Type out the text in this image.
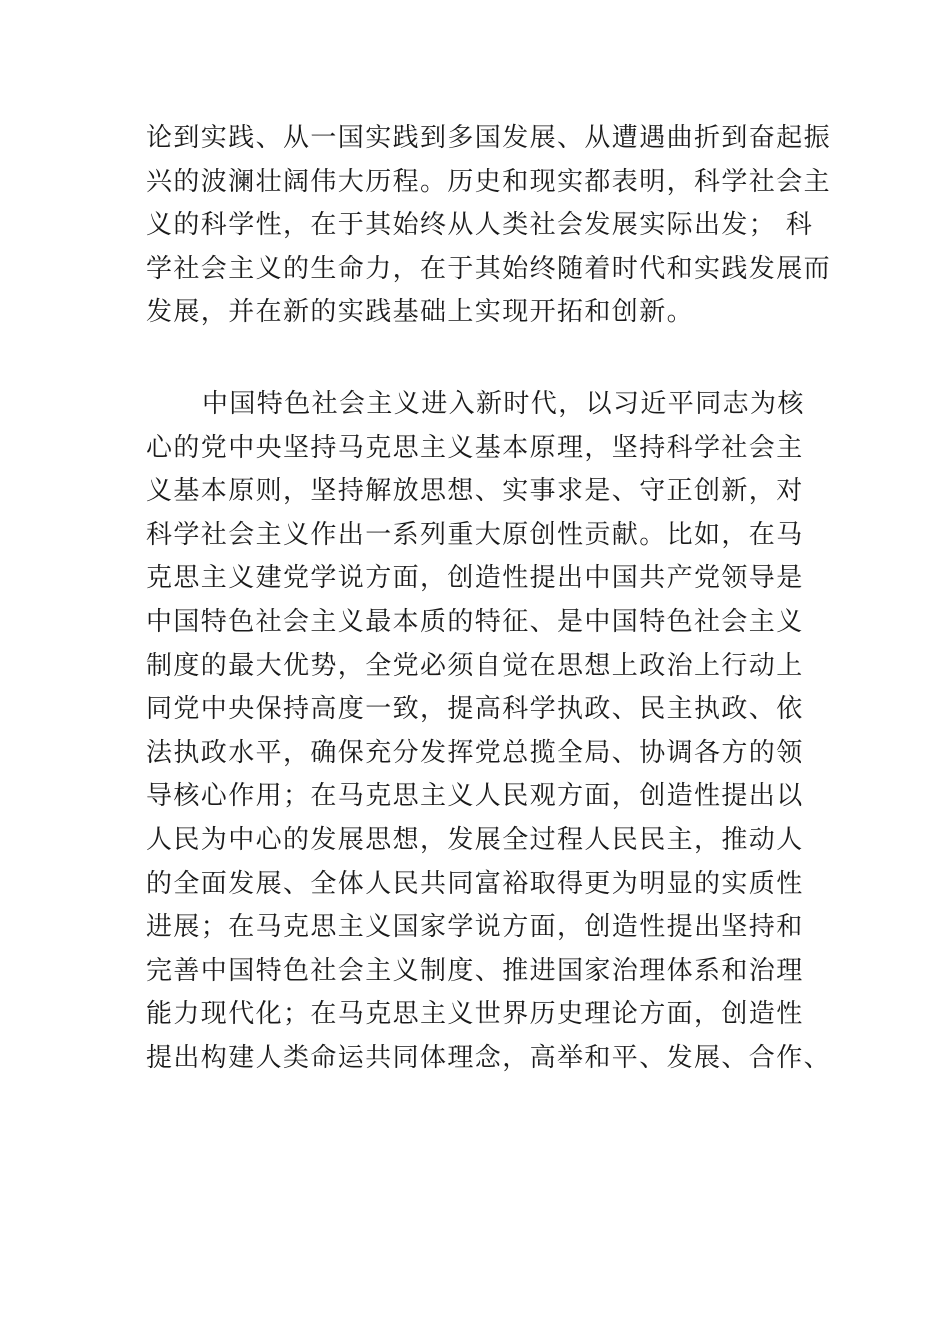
论到实践、从一国实践到多国发展、从遭遇曲折到奋起振
兴的波澜壮阔伟大历程。历史和现实都表明，科学社会主
义的科学性，在于其始终从人类社会发展实际出发； 科
学社会主义的生命力，在于其始终随着时代和实践发展而
发展，并在新的实践基础上实现开拓和创新。
中国特色社会主义进入新时代，以习近平同志为核
心的党中央坚持马克思主义基本原理，坚持科学社会主
义基本原则，坚持解放思想、实事求是、守正创新，对
科学社会主义作出一系列重大原创性贡献。比如，在马
克思主义建党学说方面，创造性提出中国共产党领导是
中国特色社会主义最本质的特征、是中国特色社会主义
制度的最大优势，全党必须自觉在思想上政治上行动上
同党中央保持高度一致，提高科学执政、民主执政、依
法执政水平，确保充分发挥党总揽全局、协调各方的领
导核心作用；在马克思主义人民观方面，创造性提出以
人民为中心的发展思想，发展全过程人民民主，推动人
的全面发展、全体人民共同富裕取得更为明显的实质性
进展；在马克思主义国家学说方面，创造性提出坚持和
完善中国特色社会主义制度、推进国家治理体系和治理
能力现代化；在马克思主义世界历史理论方面，创造性
提出构建人类命运共同体理念，高举和平、发展、合作、
